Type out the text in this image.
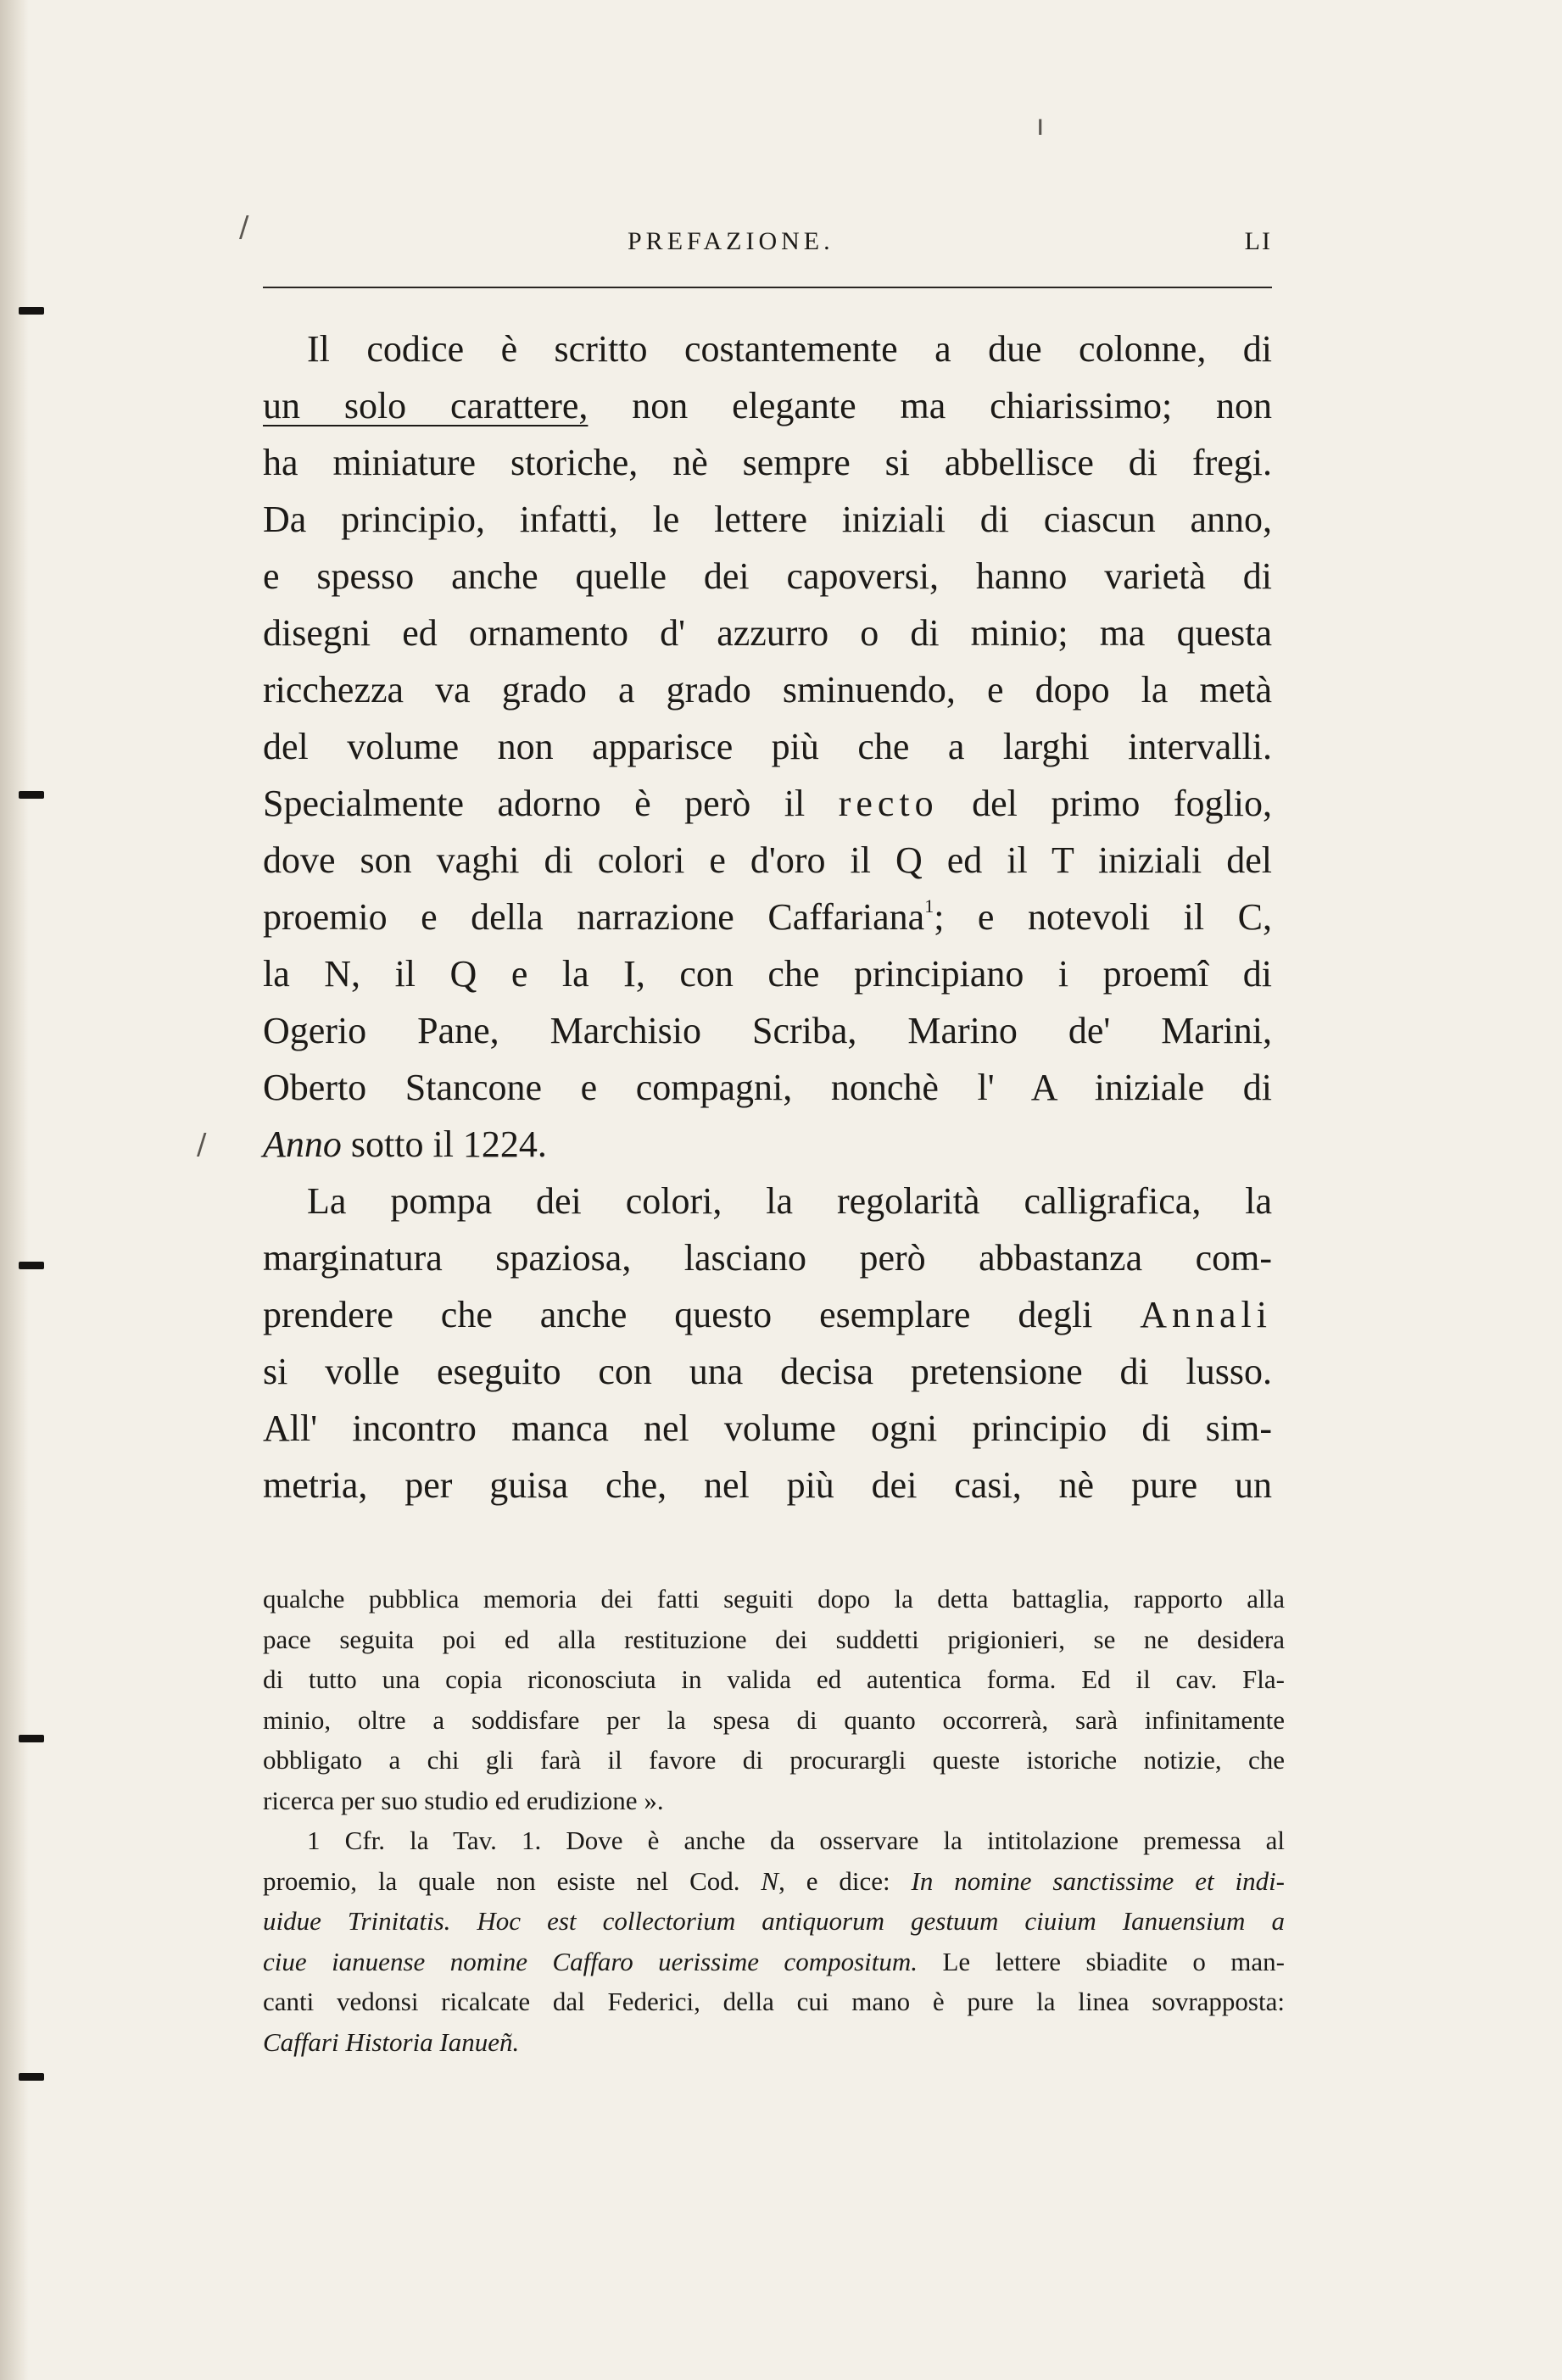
ı
/
/
PREFAZIONE.	LI
Il codice è scritto costantemente a due colonne, di
un solo carattere, non elegante ma chiarissimo; non
ha miniature storiche, nè sempre si abbellisce di fregi.
Da principio, infatti, le lettere iniziali di ciascun anno,
e spesso anche quelle dei capoversi, hanno varietà di
disegni ed ornamento d' azzurro o di minio; ma questa
ricchezza va grado a grado sminuendo, e dopo la metà
del volume non apparisce più che a larghi intervalli.
Specialmente adorno è però il recto del primo foglio,
dove son vaghi di colori e d'oro il Q ed il T iniziali del
proemio e della narrazione Caffariana$^1$; e notevoli il C,
la N, il Q e la I, con che principiano i proemî di
Ogerio Pane, Marchisio Scriba, Marino de' Marini,
Oberto Stancone e compagni, nonchè l' A iniziale di
Anno sotto il 1224.
La pompa dei colori, la regolarità calligrafica, la
marginatura spaziosa, lasciano però abbastanza com-
prendere che anche questo esemplare degli Annali
si volle eseguito con una decisa pretensione di lusso.
All' incontro manca nel volume ogni principio di sim-
metria, per guisa che, nel più dei casi, nè pure un
qualche pubblica memoria dei fatti seguiti dopo la detta battaglia, rapporto alla
pace seguita poi ed alla restituzione dei suddetti prigionieri, se ne desidera
di tutto una copia riconosciuta in valida ed autentica forma. Ed il cav. Fla-
minio, oltre a soddisfare per la spesa di quanto occorrerà, sarà infinitamente
obbligato a chi gli farà il favore di procurargli queste istoriche notizie, che
ricerca per suo studio ed erudizione ».
1 Cfr. la Tav. 1. Dove è anche da osservare la intitolazione premessa al
proemio, la quale non esiste nel Cod. N, e dice: In nomine sanctissime et indi-
uidue Trinitatis. Hoc est collectorium antiquorum gestuum ciuium Ianuensium a
ciue ianuense nomine Caffaro uerissime compositum. Le lettere sbiadite o man-
canti vedonsi ricalcate dal Federici, della cui mano è pure la linea sovrapposta:
Caffari Historia Ianueñ.
